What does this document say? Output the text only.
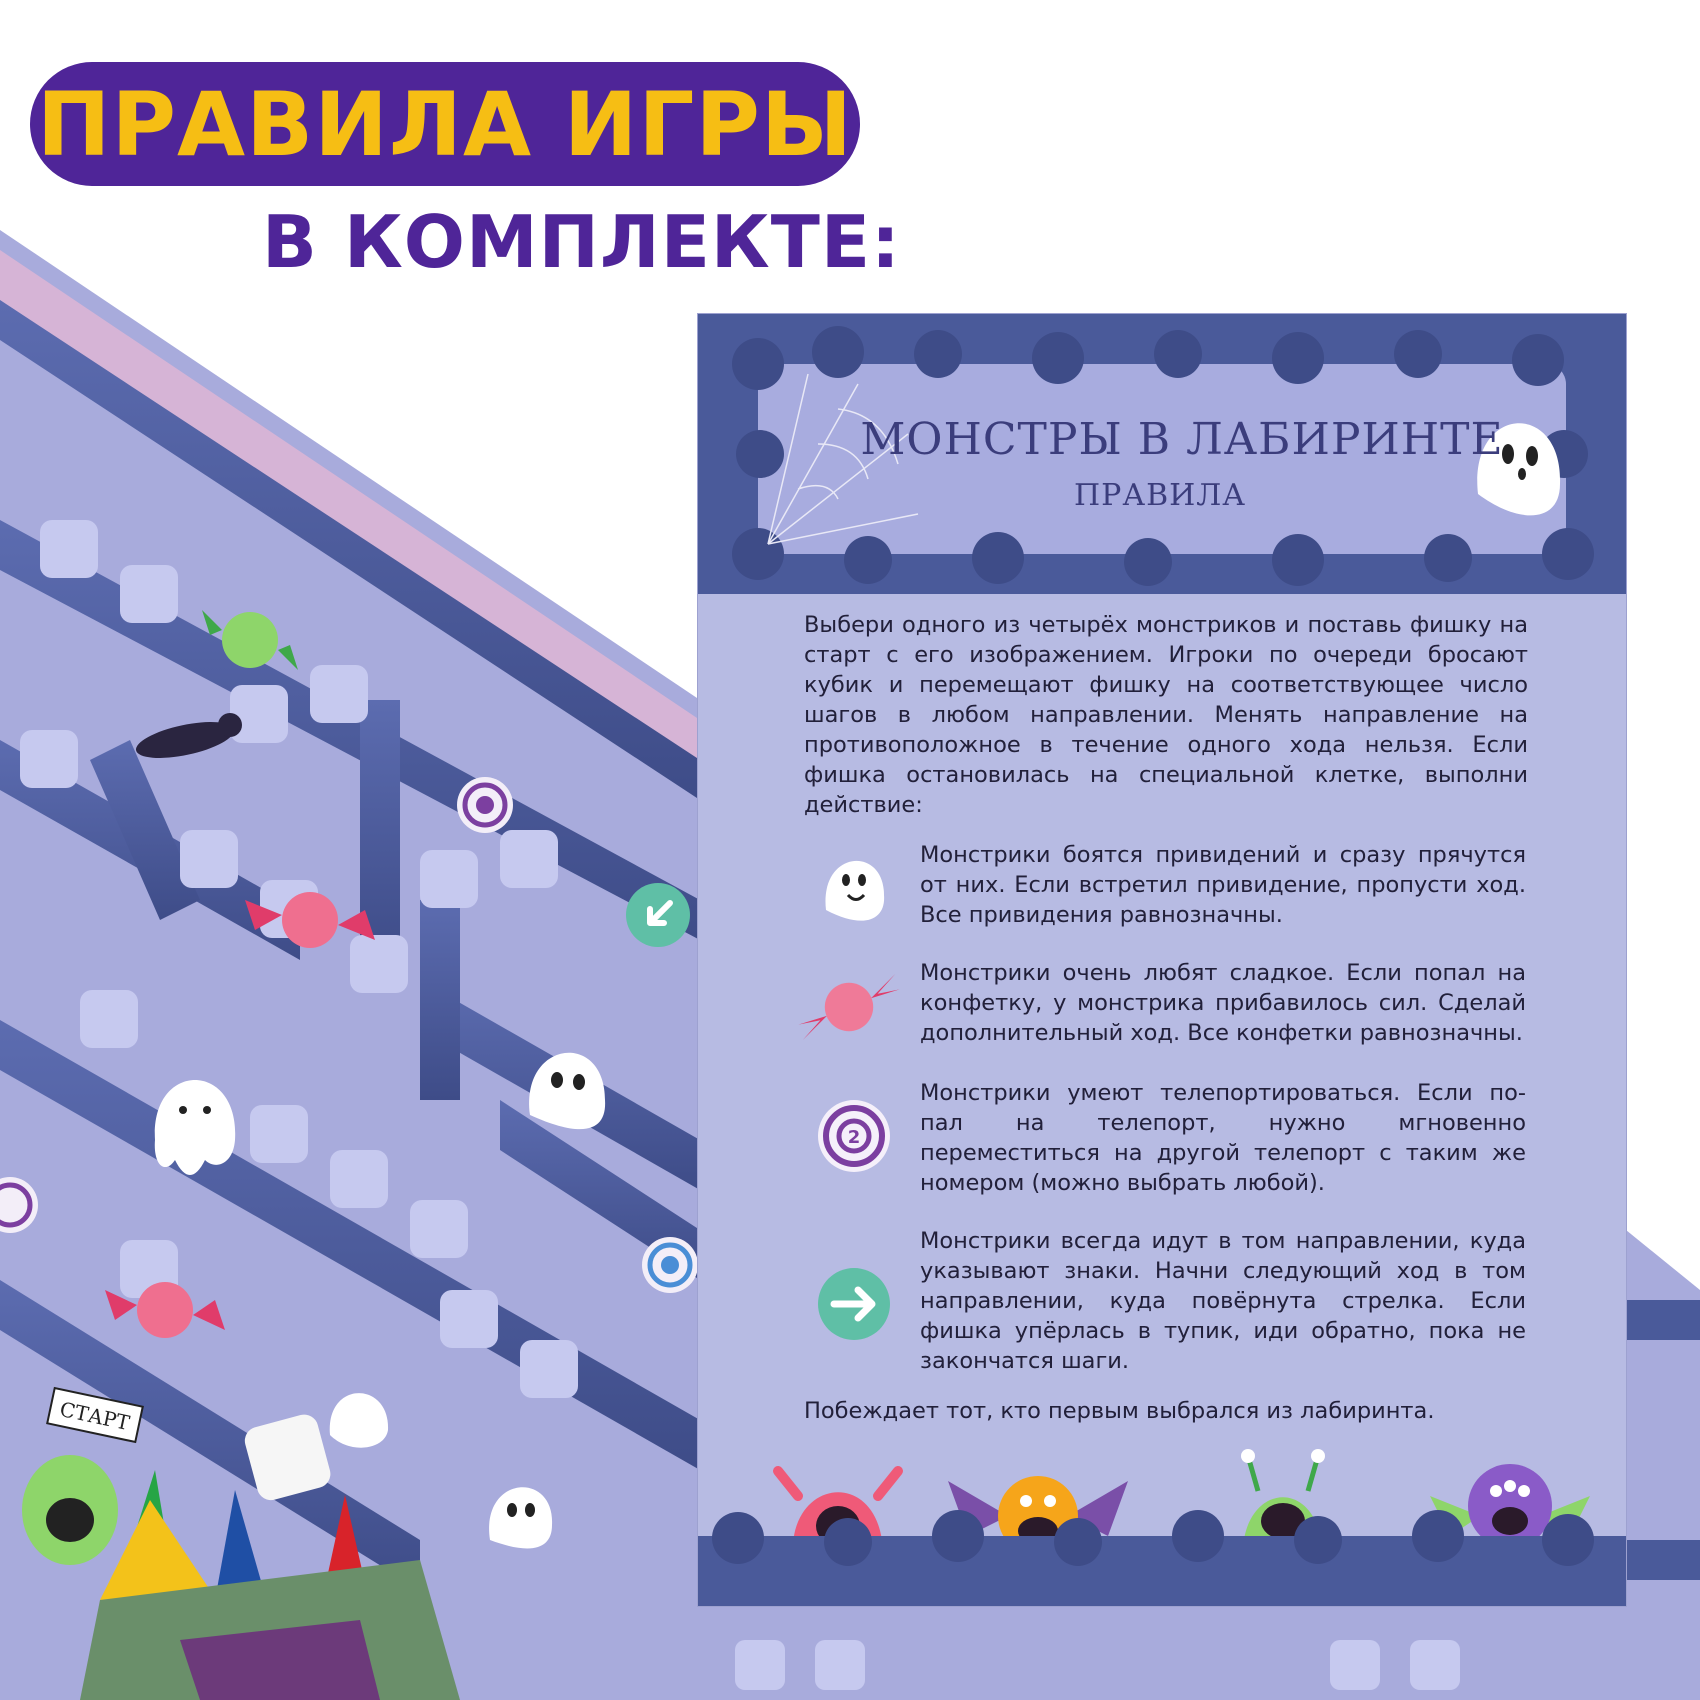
ПРАВИЛА ИГРЫ
В КОМПЛЕКТЕ:
СТАРТ
МОНСТРЫ В ЛАБИРИНТЕ
ПРАВИЛА
Выбери одного из четырёх монстриков и поставь фишку на старт с его изображением. Игроки по очереди бросают кубик и перемещают фишку на соответствующее число шагов в любом направлении. Менять направление на противоположное в течение одного хода нельзя. Если фишка остановилась на специальной клетке, выполни действие:
Монстрики боятся привидений и сразу прячутся от них. Если встретил привидение, пропусти ход. Все привидения равнозначны.
Монстрики очень любят сладкое. Если попал на конфетку, у монстрика прибавилось сил. Сделай дополнительный ход. Все конфетки равнозначны.
2
Монстрики умеют телепортироваться. Если по-пал на телепорт, нужно мгновенно переместиться на другой телепорт с таким же номером (можно выбрать любой).
Монстрики всегда идут в том направлении, куда указывают знаки. Начни следующий ход в том направлении, куда повёрнута стрелка. Если фишка упёрлась в тупик, иди обратно, пока не закончатся шаги.
Побеждает тот, кто первым выбрался из лабиринта.
